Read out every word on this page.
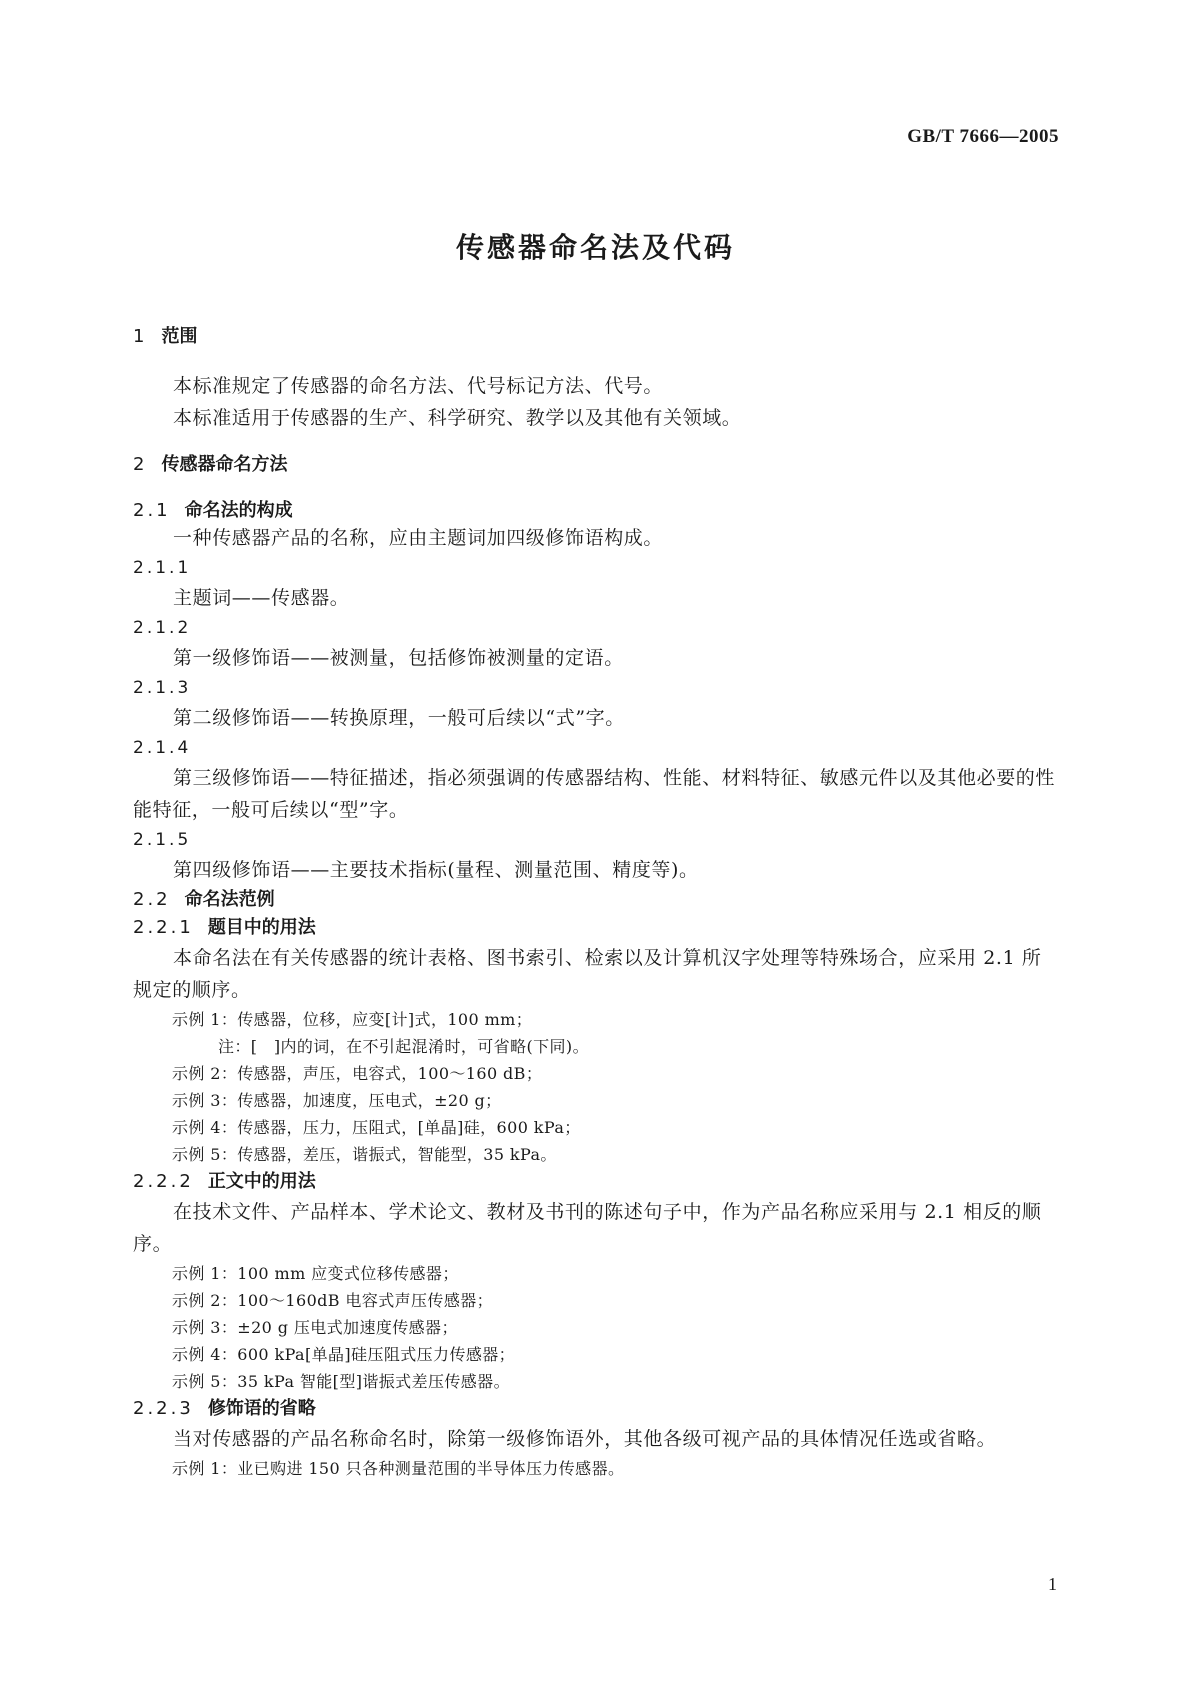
GB/T 7666—2005
传感器命名法及代码

1 范围

本标准规定了传感器的命名方法、代号标记方法、代号。

本标准适用于传感器的生产、科学研究、教学以及其他有关领域。

2 传感器命名方法

2.1 命名法的构成

一种传感器产品的名称，应由主题词加四级修饰语构成。

2.1.1

主题词——传感器。

2.1.2

第一级修饰语——被测量，包括修饰被测量的定语。

2.1.3

第二级修饰语——转换原理，一般可后续以“式”字。

2.1.4

第三级修饰语——特征描述，指必须强调的传感器结构、性能、材料特征、敏感元件以及其他必要的性能特征，一般可后续以“型”字。

2.1.5

第四级修饰语——主要技术指标(量程、测量范围、精度等)。

2.2 命名法范例

2.2.1 题目中的用法

本命名法在有关传感器的统计表格、图书索引、检索以及计算机汉字处理等特殊场合，应采用 2.1 所规定的顺序。

示例 1：传感器，位移，应变[计]式，100 mm；

注：[　]内的词，在不引起混淆时，可省略(下同)。

示例 2：传感器，声压，电容式，100～160 dB；

示例 3：传感器，加速度，压电式，±20 g；

示例 4：传感器，压力，压阻式，[单晶]硅，600 kPa；

示例 5：传感器，差压，谐振式，智能型，35 kPa。

2.2.2 正文中的用法

在技术文件、产品样本、学术论文、教材及书刊的陈述句子中，作为产品名称应采用与 2.1 相反的顺序。

示例 1：100 mm 应变式位移传感器；

示例 2：100～160dB 电容式声压传感器；

示例 3：±20 g 压电式加速度传感器；

示例 4：600 kPa[单晶]硅压阻式压力传感器；

示例 5：35 kPa 智能[型]谐振式差压传感器。

2.2.3 修饰语的省略

当对传感器的产品名称命名时，除第一级修饰语外，其他各级可视产品的具体情况任选或省略。

示例 1：业已购进 150 只各种测量范围的半导体压力传感器。

1
